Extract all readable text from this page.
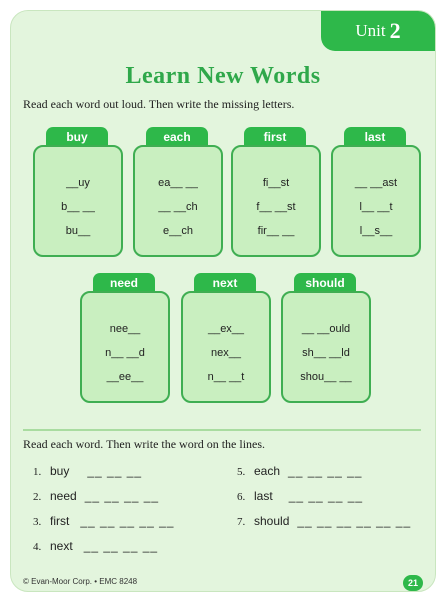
Unit 2
Learn New Words
Read each word out loud. Then write the missing letters.
buy
__uy
b__ __
bu__
each
ea__ __
__ __ch
e__ch
first
fi__st
f__ __st
fir__ __
last
__ __ast
l__ __t
l__s__
need
nee__
n__ __d
__ee__
next
__ex__
nex__
n__ __t
should
__ __ould
sh__ __ld
shou__ __
Read each word. Then write the word on the lines.
1. buy __ __ __
2. need __ __ __ __
3. first __ __ __ __ __
4. next __ __ __ __
5. each __ __ __ __
6. last __ __ __ __
7. should __ __ __ __ __ __
© Evan-Moor Corp. • EMC 8248	21
